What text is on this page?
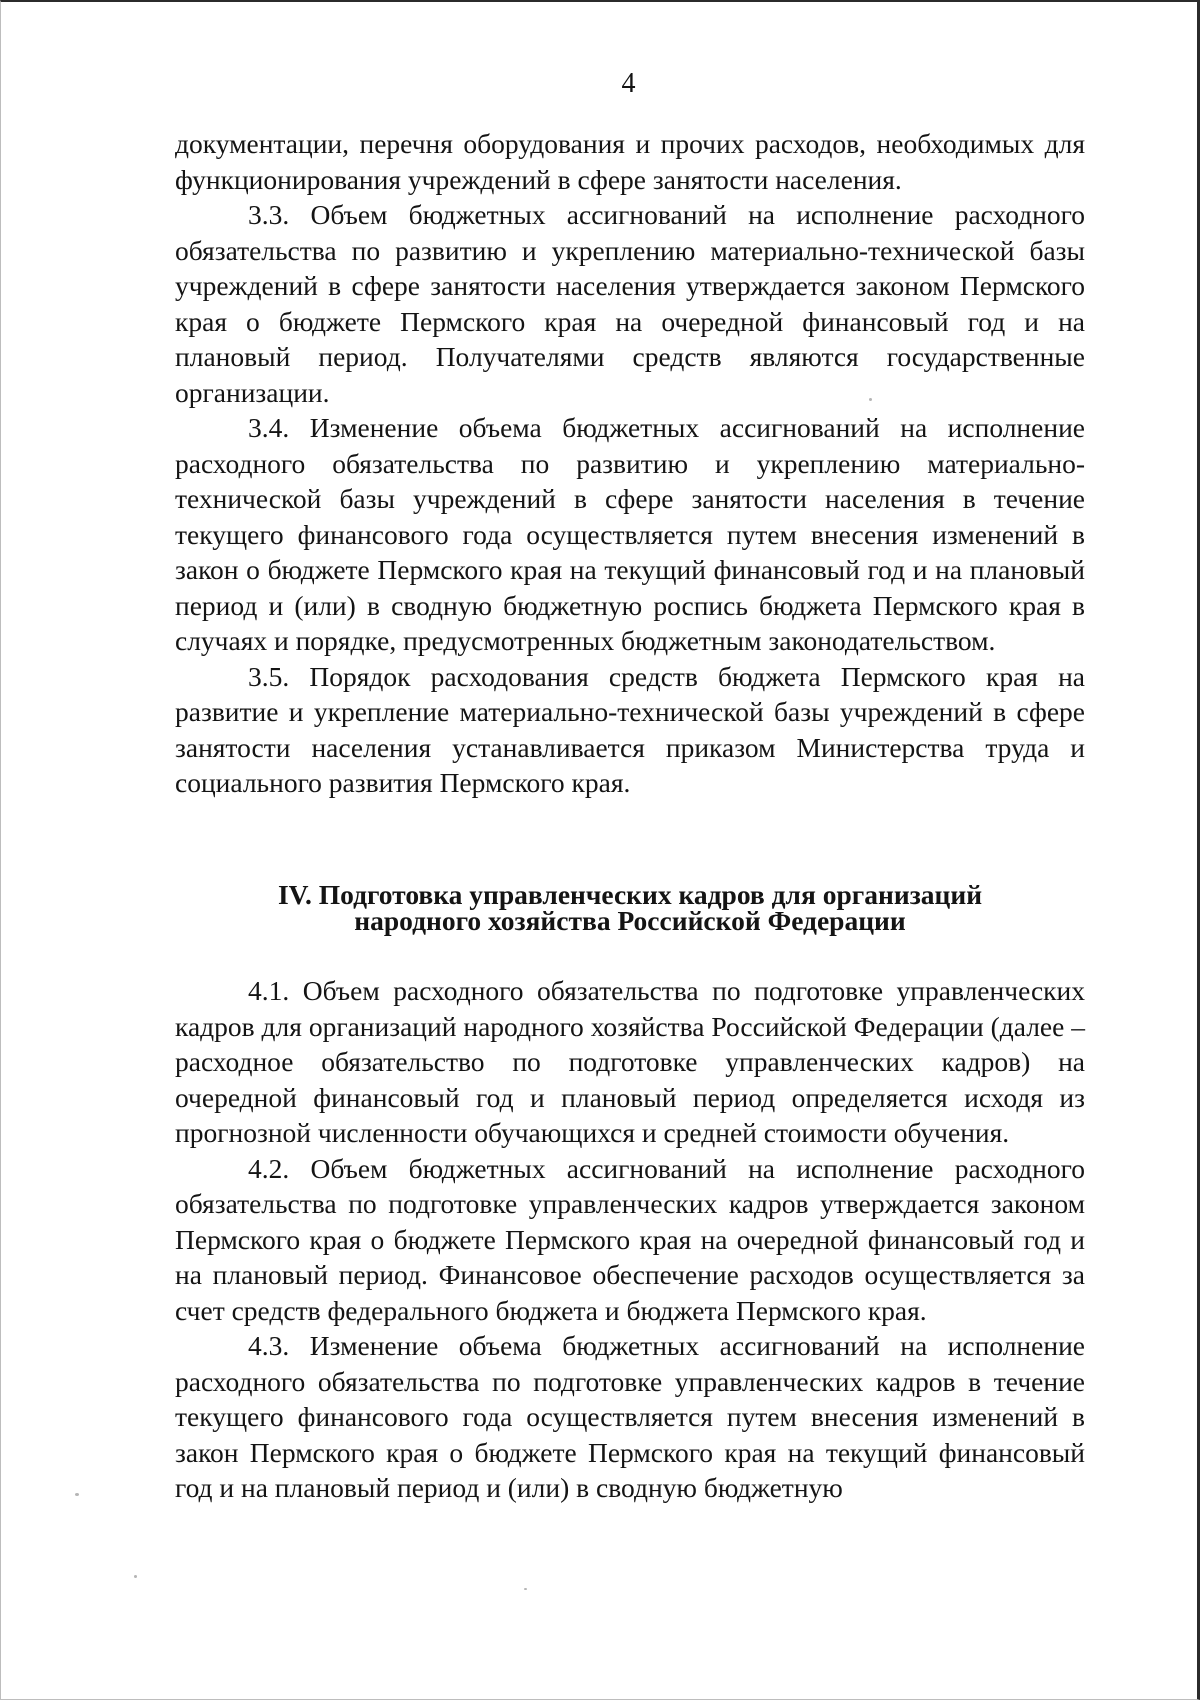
4

документации, перечня оборудования и прочих расходов, необходимых для функционирования учреждений в сфере занятости населения.

3.3. Объем бюджетных ассигнований на исполнение расходного обязательства по развитию и укреплению материально-технической базы учреждений в сфере занятости населения утверждается законом Пермского края о бюджете Пермского края на очередной финансовый год и на плановый период. Получателями средств являются государственные организации.

3.4. Изменение объема бюджетных ассигнований на исполнение расходного обязательства по развитию и укреплению материально-технической базы учреждений в сфере занятости населения в течение текущего финансового года осуществляется путем внесения изменений в закон о бюджете Пермского края на текущий финансовый год и на плановый период и (или) в сводную бюджетную роспись бюджета Пермского края в случаях и порядке, предусмотренных бюджетным законодательством.

3.5. Порядок расходования средств бюджета Пермского края на развитие и укрепление материально-технической базы учреждений в сфере занятости населения устанавливается приказом Министерства труда и социального развития Пермского края.

IV. Подготовка управленческих кадров для организаций
народного хозяйства Российской Федерации

4.1. Объем расходного обязательства по подготовке управленческих кадров для организаций народного хозяйства Российской Федерации (далее – расходное обязательство по подготовке управленческих кадров) на очередной финансовый год и плановый период определяется исходя из прогнозной численности обучающихся и средней стоимости обучения.

4.2. Объем бюджетных ассигнований на исполнение расходного обязательства по подготовке управленческих кадров утверждается законом Пермского края о бюджете Пермского края на очередной финансовый год и на плановый период. Финансовое обеспечение расходов осуществляется за счет средств федерального бюджета и бюджета Пермского края.

4.3. Изменение объема бюджетных ассигнований на исполнение расходного обязательства по подготовке управленческих кадров в течение текущего финансового года осуществляется путем внесения изменений в закон Пермского края о бюджете Пермского края на текущий финансовый год и на плановый период и (или) в сводную бюджетную
